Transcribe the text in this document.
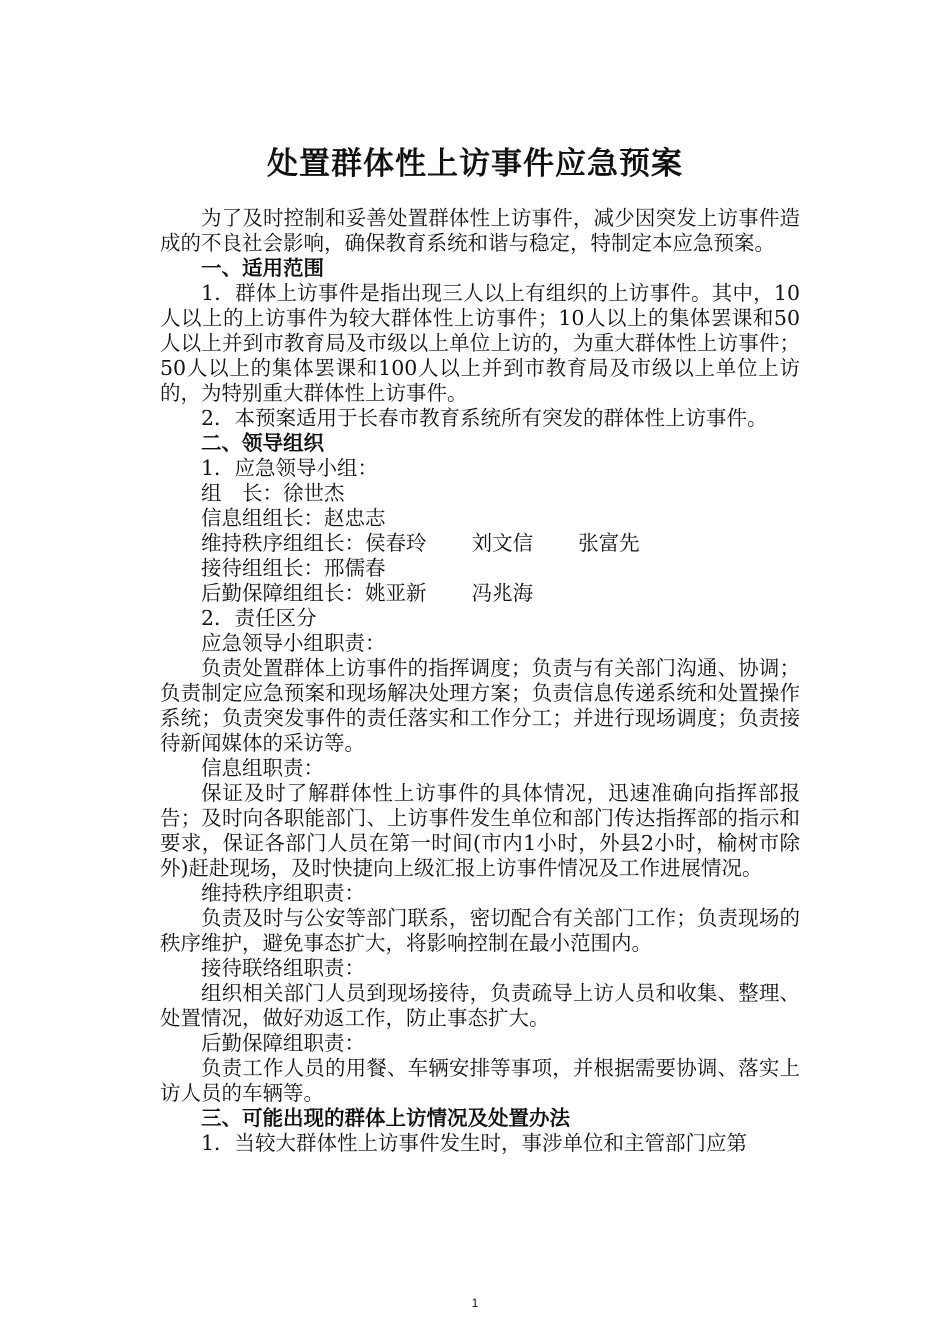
处置群体性上访事件应急预案

为了及时控制和妥善处置群体性上访事件，减少因突发上访事件造成的不良社会影响，确保教育系统和谐与稳定，特制定本应急预案。

一、适用范围

1．群体上访事件是指出现三人以上有组织的上访事件。其中，10人以上的上访事件为较大群体性上访事件；10人以上的集体罢课和50人以上并到市教育局及市级以上单位上访的，为重大群体性上访事件；50人以上的集体罢课和100人以上并到市教育局及市级以上单位上访的，为特别重大群体性上访事件。

2．本预案适用于长春市教育系统所有突发的群体性上访事件。

二、领导组织

1．应急领导小组：

组　长：徐世杰

信息组组长：赵忠志

维持秩序组组长：侯春玲 刘文信 张富先

接待组组长：邢儒春

后勤保障组组长：姚亚新 冯兆海

2．责任区分

应急领导小组职责：

负责处置群体上访事件的指挥调度；负责与有关部门沟通、协调；负责制定应急预案和现场解决处理方案；负责信息传递系统和处置操作系统；负责突发事件的责任落实和工作分工；并进行现场调度；负责接待新闻媒体的采访等。

信息组职责：

保证及时了解群体性上访事件的具体情况，迅速准确向指挥部报告；及时向各职能部门、上访事件发生单位和部门传达指挥部的指示和要求，保证各部门人员在第一时间(市内1小时，外县2小时，榆树市除外)赶赴现场，及时快捷向上级汇报上访事件情况及工作进展情况。

维持秩序组职责：

负责及时与公安等部门联系，密切配合有关部门工作；负责现场的秩序维护，避免事态扩大，将影响控制在最小范围内。

接待联络组职责：

组织相关部门人员到现场接待，负责疏导上访人员和收集、整理、处置情况，做好劝返工作，防止事态扩大。

后勤保障组职责：

负责工作人员的用餐、车辆安排等事项，并根据需要协调、落实上访人员的车辆等。

三、可能出现的群体上访情况及处置办法

1．当较大群体性上访事件发生时，事涉单位和主管部门应第

1
